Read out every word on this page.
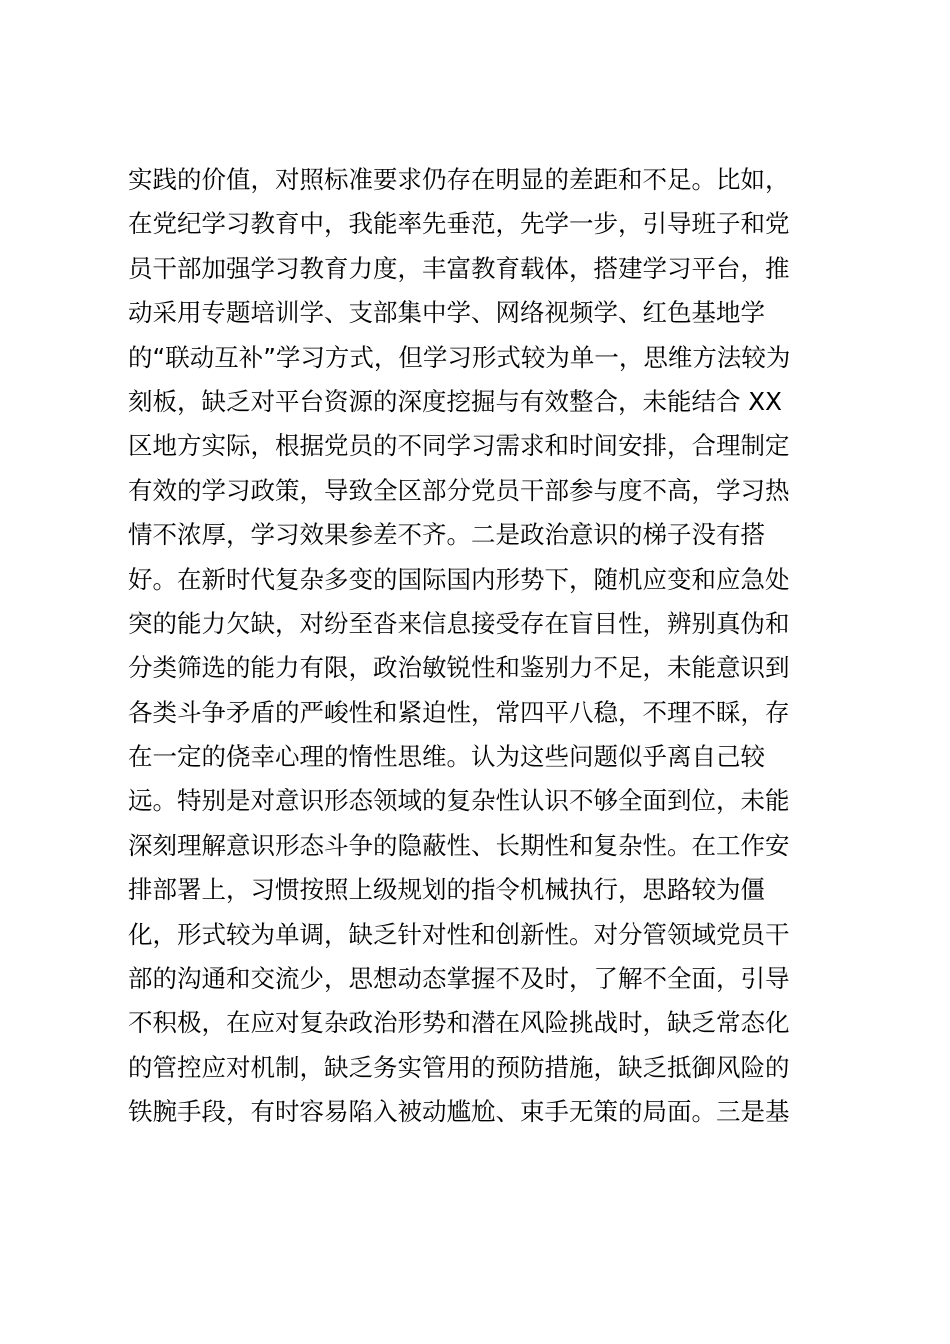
实践的价值，对照标准要求仍存在明显的差距和不足。比如，
在党纪学习教育中，我能率先垂范，先学一步，引导班子和党
员干部加强学习教育力度，丰富教育载体，搭建学习平台，推
动采用专题培训学、支部集中学、网络视频学、红色基地学
的“联动互补”学习方式，但学习形式较为单一，思维方法较为
刻板，缺乏对平台资源的深度挖掘与有效整合，未能结合 XX
区地方实际，根据党员的不同学习需求和时间安排，合理制定
有效的学习政策，导致全区部分党员干部参与度不高，学习热
情不浓厚，学习效果参差不齐。二是政治意识的梯子没有搭
好。在新时代复杂多变的国际国内形势下，随机应变和应急处
突的能力欠缺，对纷至沓来信息接受存在盲目性，辨别真伪和
分类筛选的能力有限，政治敏锐性和鉴别力不足，未能意识到
各类斗争矛盾的严峻性和紧迫性，常四平八稳，不理不睬，存
在一定的侥幸心理的惰性思维。认为这些问题似乎离自己较
远。特别是对意识形态领域的复杂性认识不够全面到位，未能
深刻理解意识形态斗争的隐蔽性、长期性和复杂性。在工作安
排部署上，习惯按照上级规划的指令机械执行，思路较为僵
化，形式较为单调，缺乏针对性和创新性。对分管领域党员干
部的沟通和交流少，思想动态掌握不及时，了解不全面，引导
不积极，在应对复杂政治形势和潜在风险挑战时，缺乏常态化
的管控应对机制，缺乏务实管用的预防措施，缺乏抵御风险的
铁腕手段，有时容易陷入被动尴尬、束手无策的局面。三是基
